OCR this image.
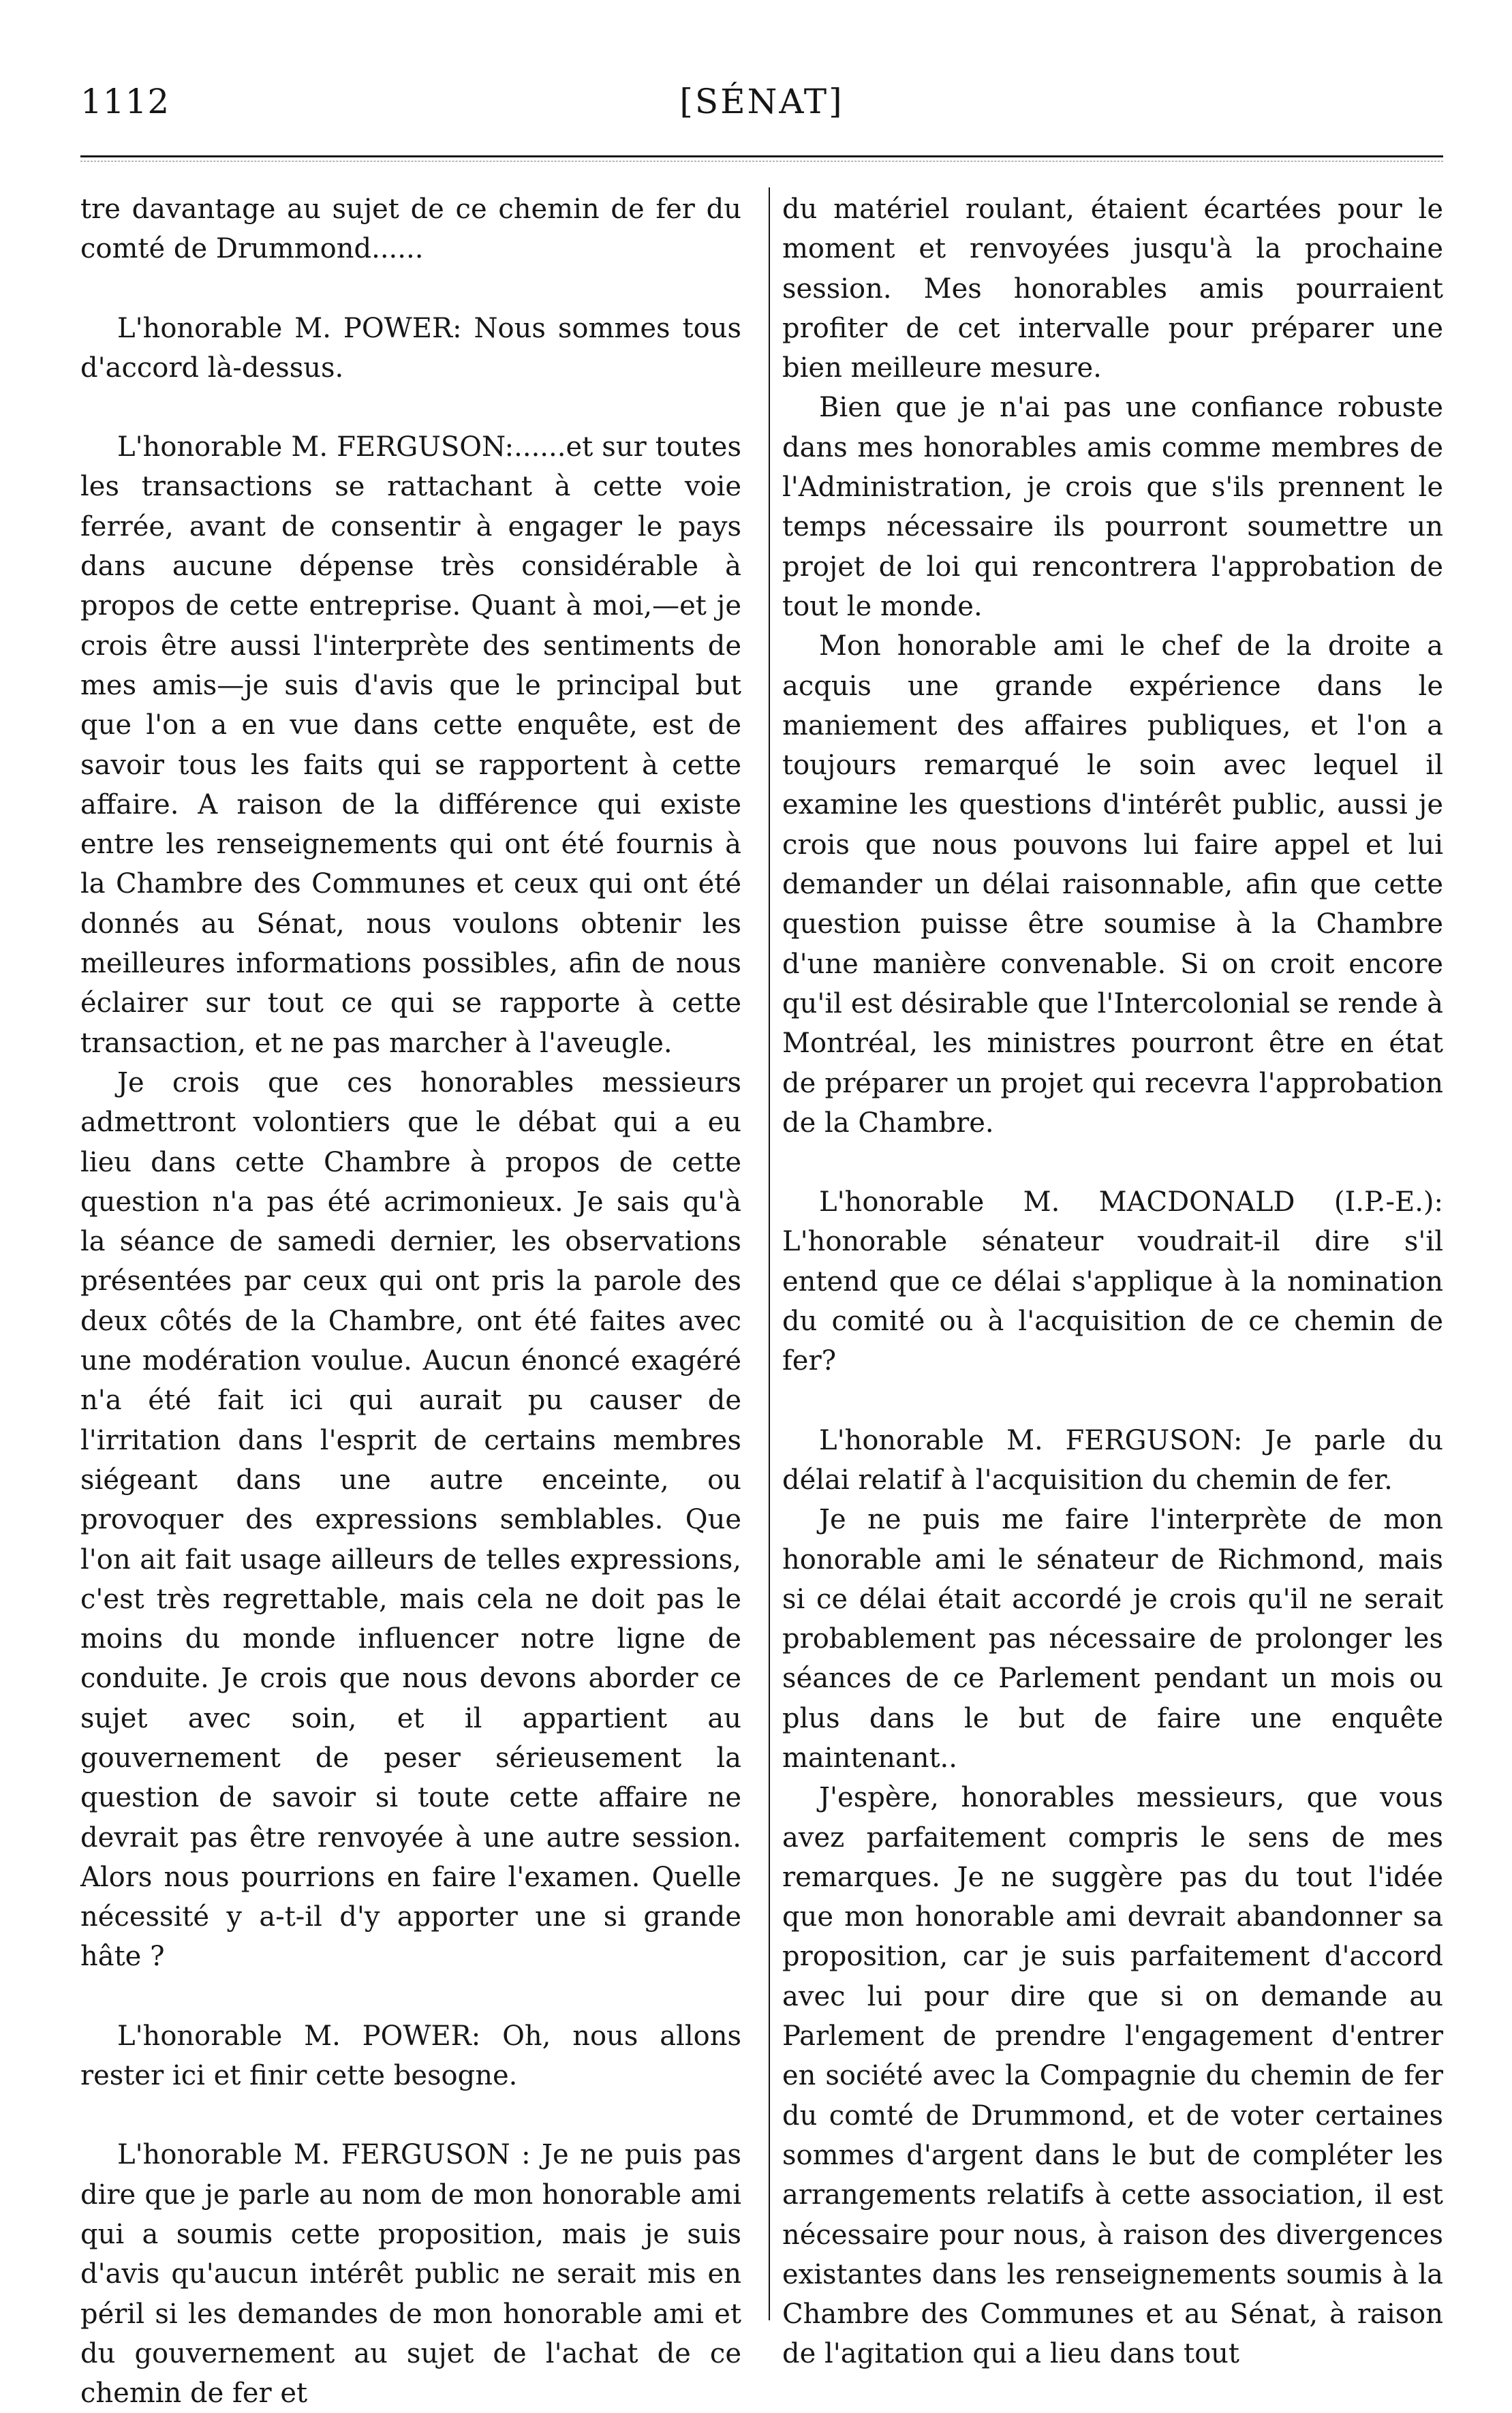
1112	[SÉNAT]

tre davantage au sujet de ce chemin de fer du comté de Drummond......

L'honorable M. POWER: Nous sommes tous d'accord là-dessus.

L'honorable M. FERGUSON:......et sur toutes les transactions se rattachant à cette voie ferrée, avant de consentir à engager le pays dans aucune dépense très considérable à propos de cette entreprise. Quant à moi,—et je crois être aussi l'interprète des sentiments de mes amis—je suis d'avis que le principal but que l'on a en vue dans cette enquête, est de savoir tous les faits qui se rapportent à cette affaire. A raison de la différence qui existe entre les renseignements qui ont été fournis à la Chambre des Communes et ceux qui ont été donnés au Sénat, nous voulons obtenir les meilleures informations possibles, afin de nous éclairer sur tout ce qui se rapporte à cette transaction, et ne pas marcher à l'aveugle.

Je crois que ces honorables messieurs admettront volontiers que le débat qui a eu lieu dans cette Chambre à propos de cette question n'a pas été acrimonieux. Je sais qu'à la séance de samedi dernier, les observations présentées par ceux qui ont pris la parole des deux côtés de la Chambre, ont été faites avec une modération voulue. Aucun énoncé exagéré n'a été fait ici qui aurait pu causer de l'irritation dans l'esprit de certains membres siégeant dans une autre enceinte, ou provoquer des expressions semblables. Que l'on ait fait usage ailleurs de telles expressions, c'est très regrettable, mais cela ne doit pas le moins du monde influencer notre ligne de conduite. Je crois que nous devons aborder ce sujet avec soin, et il appartient au gouvernement de peser sérieusement la question de savoir si toute cette affaire ne devrait pas être renvoyée à une autre session. Alors nous pourrions en faire l'examen. Quelle nécessité y a-t-il d'y apporter une si grande hâte ?

L'honorable M. POWER: Oh, nous allons rester ici et finir cette besogne.

L'honorable M. FERGUSON : Je ne puis pas dire que je parle au nom de mon honorable ami qui a soumis cette proposition, mais je suis d'avis qu'aucun intérêt public ne serait mis en péril si les demandes de mon honorable ami et du gouvernement au sujet de l'achat de ce chemin de fer et

du matériel roulant, étaient écartées pour le moment et renvoyées jusqu'à la prochaine session. Mes honorables amis pourraient profiter de cet intervalle pour préparer une bien meilleure mesure.

Bien que je n'ai pas une confiance robuste dans mes honorables amis comme membres de l'Administration, je crois que s'ils prennent le temps nécessaire ils pourront soumettre un projet de loi qui rencontrera l'approbation de tout le monde.

Mon honorable ami le chef de la droite a acquis une grande expérience dans le maniement des affaires publiques, et l'on a toujours remarqué le soin avec lequel il examine les questions d'intérêt public, aussi je crois que nous pouvons lui faire appel et lui demander un délai raisonnable, afin que cette question puisse être soumise à la Chambre d'une manière convenable. Si on croit encore qu'il est désirable que l'Intercolonial se rende à Montréal, les ministres pourront être en état de préparer un projet qui recevra l'approbation de la Chambre.

L'honorable M. MACDONALD (I.P.-E.): L'honorable sénateur voudrait-il dire s'il entend que ce délai s'applique à la nomination du comité ou à l'acquisition de ce chemin de fer?

L'honorable M. FERGUSON: Je parle du délai relatif à l'acquisition du chemin de fer.

Je ne puis me faire l'interprète de mon honorable ami le sénateur de Richmond, mais si ce délai était accordé je crois qu'il ne serait probablement pas nécessaire de prolonger les séances de ce Parlement pendant un mois ou plus dans le but de faire une enquête maintenant..

J'espère, honorables messieurs, que vous avez parfaitement compris le sens de mes remarques. Je ne suggère pas du tout l'idée que mon honorable ami devrait abandonner sa proposition, car je suis parfaitement d'accord avec lui pour dire que si on demande au Parlement de prendre l'engagement d'entrer en société avec la Compagnie du chemin de fer du comté de Drummond, et de voter certaines sommes d'argent dans le but de compléter les arrangements relatifs à cette association, il est nécessaire pour nous, à raison des divergences existantes dans les renseignements soumis à la Chambre des Communes et au Sénat, à raison de l'agitation qui a lieu dans tout
